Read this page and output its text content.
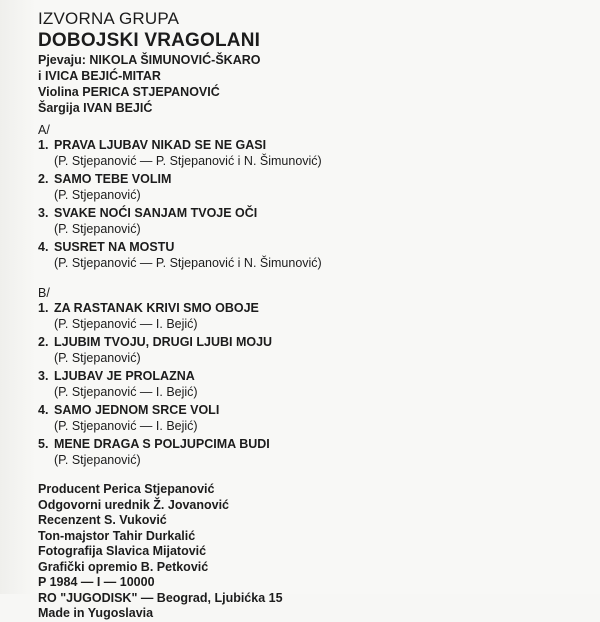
IZVORNA GRUPA
DOBOJSKI VRAGOLANI
Pjevaju: NIKOLA ŠIMUNOVIĆ-ŠKARO
i IVICA BEJIĆ-MITAR
Violina PERICA STJEPANOVIĆ
Šargija IVAN BEJIĆ
A/
1. PRAVA LJUBAV NIKAD SE NE GASI
(P. Stjepanović — P. Stjepanović i N. Šimunović)
2. SAMO TEBE VOLIM
(P. Stjepanović)
3. SVAKE NOĆI SANJAM TVOJE OČI
(P. Stjepanović)
4. SUSRET NA MOSTU
(P. Stjepanović — P. Stjepanović i N. Šimunović)
B/
1. ZA RASTANAK KRIVI SMO OBOJE
(P. Stjepanović — I. Bejić)
2. LJUBIM TVOJU, DRUGI LJUBI MOJU
(P. Stjepanović)
3. LJUBAV JE PROLAZNA
(P. Stjepanović — I. Bejić)
4. SAMO JEDNOM SRCE VOLI
(P. Stjepanović — I. Bejić)
5. MENE DRAGA S POLJUPCIMA BUDI
(P. Stjepanović)
Producent Perica Stjepanović
Odgovorni urednik Ž. Jovanović
Recenzent S. Vuković
Ton-majstor Tahir Durkalić
Fotografija Slavica Mijatović
Grafički opremio B. Petković
P 1984 — I — 10000
RO "JUGODISK" — Beograd, Ljubićka 15
Made in Yugoslavia
